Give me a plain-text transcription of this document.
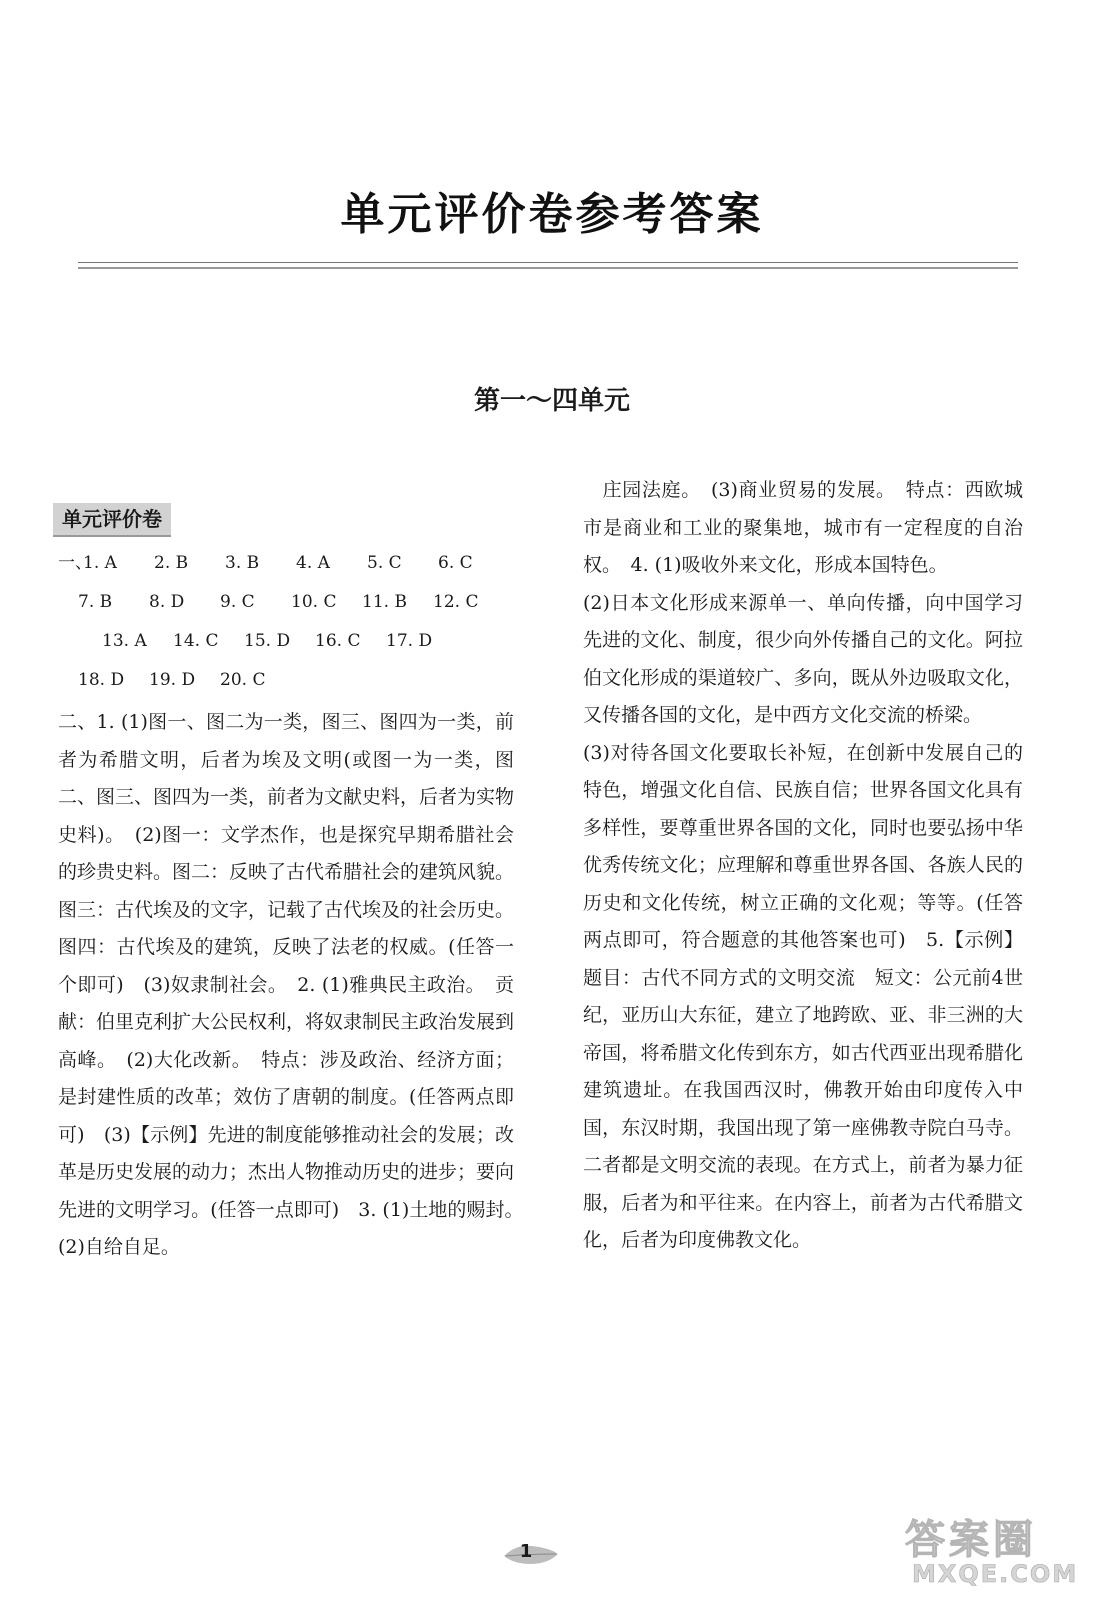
单元评价卷参考答案
第一～四单元
单元评价卷
一、
1. A	2. B	3. B	4. A	5. C	6. C
7. B	8. D	9. C	10. C	11. B	12. C
13. A	14. C	15. D	16. C	17. D
18. D	19. D	20. C

二、1. (1)图一、图二为一类，图三、图四为一类，前者为希腊文明，后者为埃及文明(或图一为一类，图二、图三、图四为一类，前者为文献史料，后者为实物史料)。　(2)图一：文学杰作，也是探究早期希腊社会的珍贵史料。图二：反映了古代希腊社会的建筑风貌。图三：古代埃及的文字，记载了古代埃及的社会历史。图四：古代埃及的建筑，反映了法老的权威。(任答一个即可)　(3)奴隶制社会。　2. (1)雅典民主政治。　贡献：伯里克利扩大公民权利，将奴隶制民主政治发展到高峰。　(2)大化改新。　特点：涉及政治、经济方面；是封建性质的改革；效仿了唐朝的制度。(任答两点即可)　(3)【示例】先进的制度能够推动社会的发展；改革是历史发展的动力；杰出人物推动历史的进步；要向先进的文明学习。(任答一点即可)　3. (1)土地的赐封。　(2)自给自足。

　庄园法庭。　(3)商业贸易的发展。　特点：西欧城市是商业和工业的聚集地，城市有一定程度的自治权。　4. (1)吸收外来文化，形成本国特色。

(2)日本文化形成来源单一、单向传播，向中国学习先进的文化、制度，很少向外传播自己的文化。阿拉伯文化形成的渠道较广、多向，既从外边吸取文化，又传播各国的文化，是中西方文化交流的桥梁。

(3)对待各国文化要取长补短，在创新中发展自己的特色，增强文化自信、民族自信；世界各国文化具有多样性，要尊重世界各国的文化，同时也要弘扬中华优秀传统文化；应理解和尊重世界各国、各族人民的历史和文化传统，树立正确的文化观；等等。(任答两点即可，符合题意的其他答案也可)　5.【示例】题目：古代不同方式的文明交流　短文：公元前4世纪，亚历山大东征，建立了地跨欧、亚、非三洲的大帝国，将希腊文化传到东方，如古代西亚出现希腊化建筑遗址。在我国西汉时，佛教开始由印度传入中国，东汉时期，我国出现了第一座佛教寺院白马寺。二者都是文明交流的表现。在方式上，前者为暴力征服，后者为和平往来。在内容上，前者为古代希腊文化，后者为印度佛教文化。

1	答案圈
MXQE.COM
